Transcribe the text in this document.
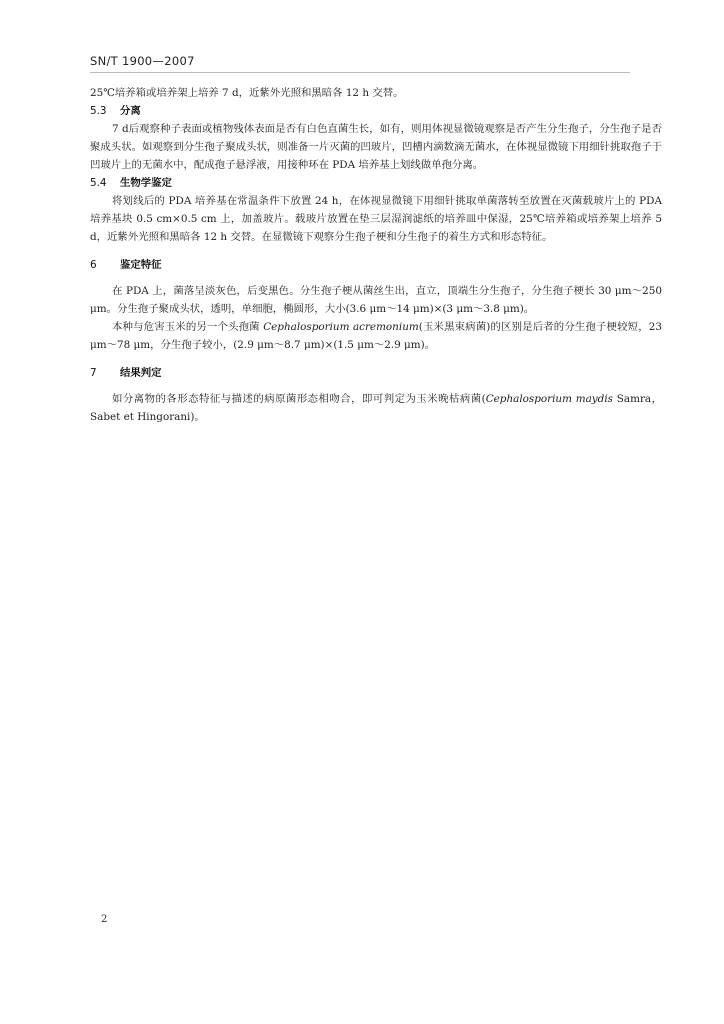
SN/T 1900—2007

25℃培养箱或培养架上培养 7 d，近紫外光照和黑暗各 12 h 交替。

5.3 分离

7 d后观察种子表面或植物残体表面是否有白色直菌生长，如有，则用体视显微镜观察是否产生分生孢子，分生孢子是否聚成头状。如观察到分生孢子聚成头状，则准备一片灭菌的凹玻片，凹槽内滴数滴无菌水，在体视显微镜下用细针挑取孢子于凹玻片上的无菌水中，配成孢子悬浮液，用接种环在 PDA 培养基上划线做单孢分离。

5.4 生物学鉴定

将划线后的 PDA 培养基在常温条件下放置 24 h，在体视显微镜下用细针挑取单菌落转至放置在灭菌载玻片上的 PDA 培养基块 0.5 cm×0.5 cm 上，加盖玻片。载玻片放置在垫三层湿润滤纸的培养皿中保湿，25℃培养箱或培养架上培养 5 d，近紫外光照和黑暗各 12 h 交替。在显微镜下观察分生孢子梗和分生孢子的着生方式和形态特征。

6 鉴定特征

在 PDA 上，菌落呈淡灰色，后变黑色。分生孢子梗从菌丝生出，直立，顶端生分生孢子，分生孢子梗长 30 μm～250 μm。分生孢子聚成头状，透明，单细胞，椭圆形，大小(3.6 μm～14 μm)×(3 μm～3.8 μm)。

本种与危害玉米的另一个头孢菌 Cephalosporium acremonium(玉米黑束病菌)的区别是后者的分生孢子梗较短，23 μm～78 μm，分生孢子较小，(2.9 μm～8.7 μm)×(1.5 μm～2.9 μm)。

7 结果判定

如分离物的各形态特征与描述的病原菌形态相吻合，即可判定为玉米晚枯病菌(Cephalosporium maydis Samra，Sabet et Hingorani)。

2
